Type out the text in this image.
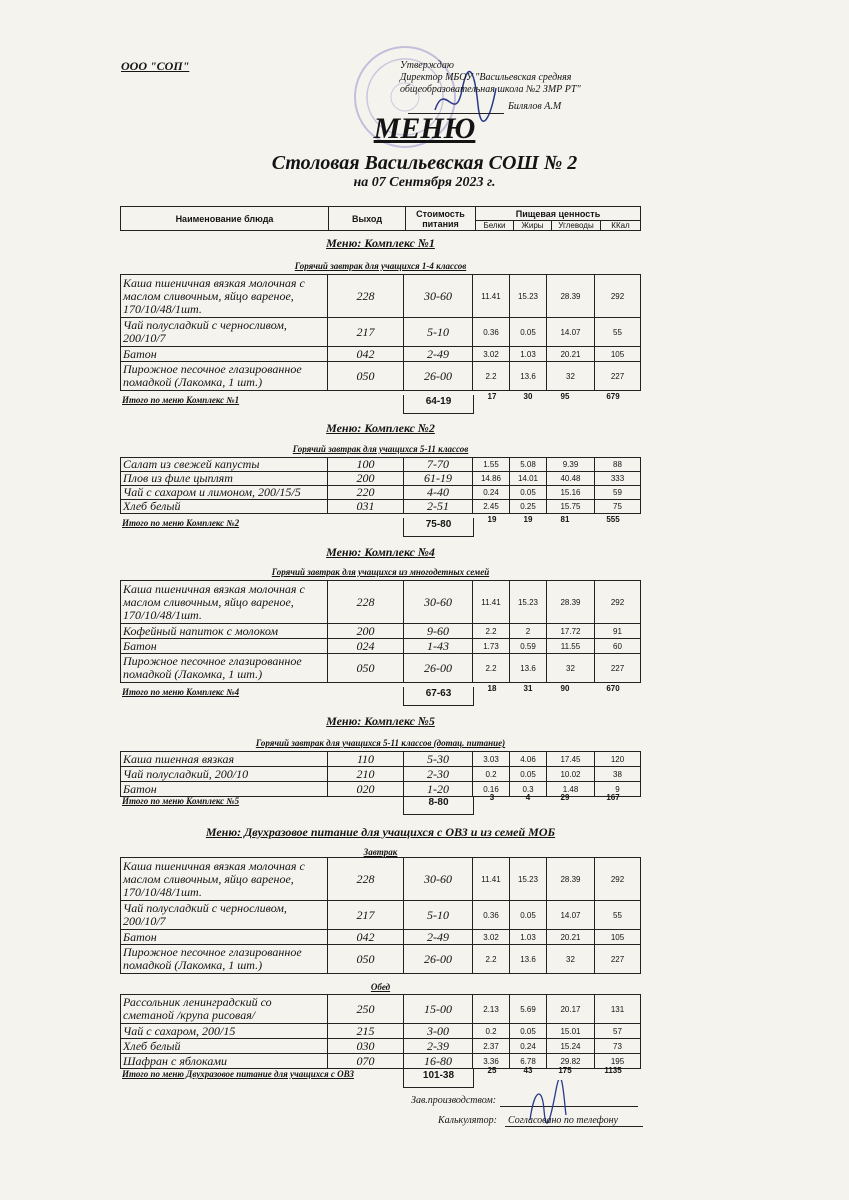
ООО "СОП"	Утверждаю
Директор МБОУ "Васильевская средняя
общеобразовательная школа №2 ЗМР РТ"
Билялов А.М
МЕНЮ
Столовая Васильевская СОШ № 2
на 07 Сентября 2023 г.
Наименование блюда	Выход	Стоимость питания	Пищевая ценность			
			Белки	Жиры	Углеводы	ККал
Меню: Комплекс №1
Горячий завтрак для учащихся 1-4 классов
Каша пшеничная вязкая молочная с маслом сливочным, яйцо вареное, 170/10/48/1шт.	228	30-60	11.41	15.23	28.39	292
Чай полусладкий с черносливом, 200/10/7	217	5-10	0.36	0.05	14.07	55
Батон	042	2-49	3.02	1.03	20.21	105
Пирожное песочное глазированное помадкой (Лакомка, 1 шт.)	050	26-00	2.2	13.6	32	227
Итого по меню Комплекс №1	64-19	17	30	95	679
Меню: Комплекс №2
Горячий завтрак для учащихся 5-11 классов
Салат из свежей капусты	100	7-70	1.55	5.08	9.39	88
Плов из филе цыплят	200	61-19	14.86	14.01	40.48	333
Чай с сахаром и лимоном, 200/15/5	220	4-40	0.24	0.05	15.16	59
Хлеб белый	031	2-51	2.45	0.25	15.75	75
Итого по меню Комплекс №2	75-80	19	19	81	555
Меню: Комплекс №4
Горячий завтрак для учащихся из многодетных семей
Каша пшеничная вязкая молочная с маслом сливочным, яйцо вареное, 170/10/48/1шт.	228	30-60	11.41	15.23	28.39	292
Кофейный напиток с молоком	200	9-60	2.2	2	17.72	91
Батон	024	1-43	1.73	0.59	11.55	60
Пирожное песочное глазированное помадкой (Лакомка, 1 шт.)	050	26-00	2.2	13.6	32	227
Итого по меню Комплекс №4	67-63	18	31	90	670
Меню: Комплекс №5
Горячий завтрак для учащихся 5-11 классов (дотац. питание)
Каша пшенная вязкая	110	5-30	3.03	4.06	17.45	120
Чай полусладкий, 200/10	210	2-30	0.2	0.05	10.02	38
Батон	020	1-20	0.16	0.3	1.48	9
Итого по меню Комплекс №5	8-80	3	4	29	167
Меню: Двухразовое питание для учащихся с ОВЗ и из семей МОБ
Завтрак
Каша пшеничная вязкая молочная с маслом сливочным, яйцо вареное, 170/10/48/1шт.	228	30-60	11.41	15.23	28.39	292
Чай полусладкий с черносливом, 200/10/7	217	5-10	0.36	0.05	14.07	55
Батон	042	2-49	3.02	1.03	20.21	105
Пирожное песочное глазированное помадкой (Лакомка, 1 шт.)	050	26-00	2.2	13.6	32	227
Обед
Рассольник ленинградский со сметаной /крупа рисовая/	250	15-00	2.13	5.69	20.17	131
Чай с сахаром, 200/15	215	3-00	0.2	0.05	15.01	57
Хлеб белый	030	2-39	2.37	0.24	15.24	73
Шафран с яблоками	070	16-80	3.36	6.78	29.82	195
Итого по меню Двухразовое питание для учащихся с ОВЗ	101-38	25	43	175	1135
Зав.производством:
Калькулятор: Согласовано по телефону
